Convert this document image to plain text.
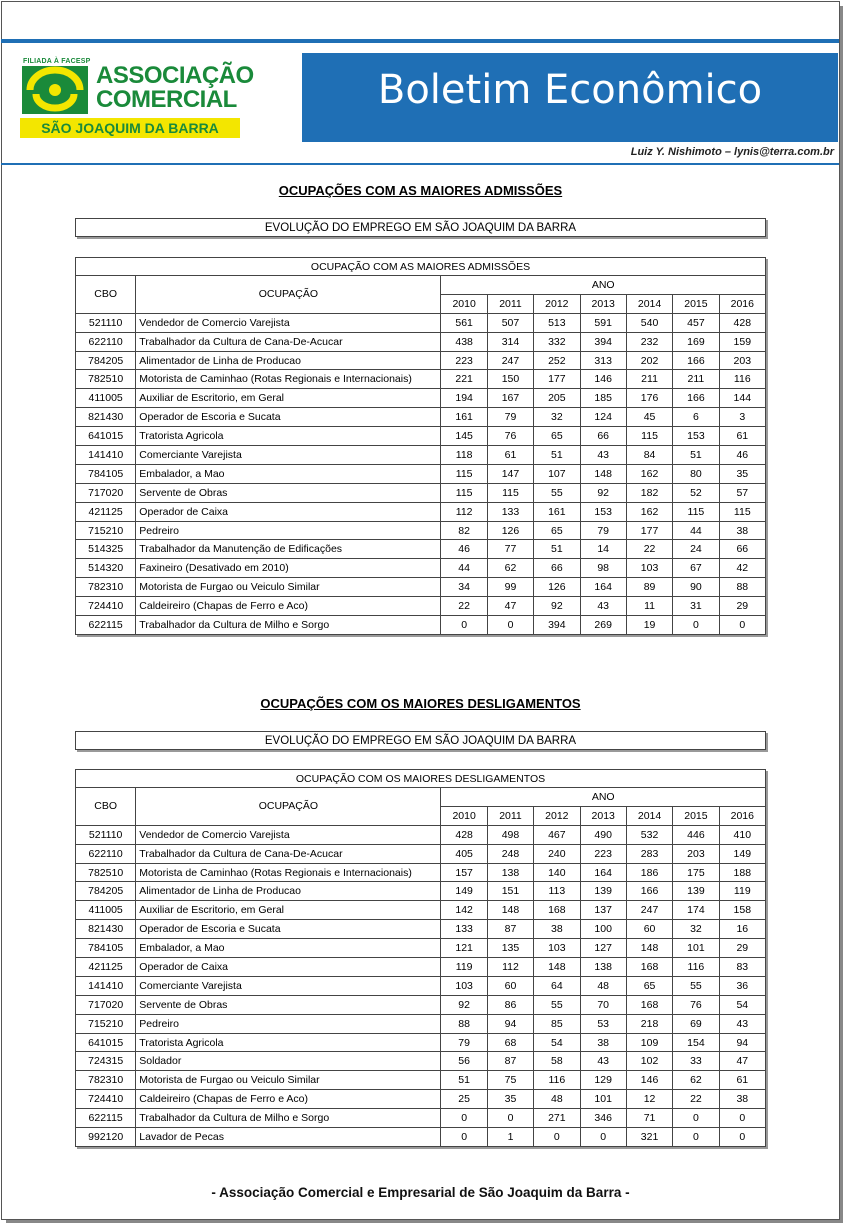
FILIADA À FACESP
ASSOCIAÇÃO
COMERCIAL
SÃO JOAQUIM DA BARRA
Boletim Econômico
Luiz Y. Nishimoto – lynis@terra.com.br
OCUPAÇÕES COM AS MAIORES ADMISSÕES
EVOLUÇÃO DO EMPREGO EM SÃO JOAQUIM DA BARRA
OCUPAÇÃO COM AS MAIORES ADMISSÕES								
CBO	OCUPAÇÃO	ANO						
		2010	2011	2012	2013	2014	2015	2016
521110	Vendedor de Comercio Varejista	561	507	513	591	540	457	428
622110	Trabalhador da Cultura de Cana-De-Acucar	438	314	332	394	232	169	159
784205	Alimentador de Linha de Producao	223	247	252	313	202	166	203
782510	Motorista de Caminhao (Rotas Regionais e Internacionais)	221	150	177	146	211	211	116
411005	Auxiliar de Escritorio, em Geral	194	167	205	185	176	166	144
821430	Operador de Escoria e Sucata	161	79	32	124	45	6	3
641015	Tratorista Agricola	145	76	65	66	115	153	61
141410	Comerciante Varejista	118	61	51	43	84	51	46
784105	Embalador, a Mao	115	147	107	148	162	80	35
717020	Servente de Obras	115	115	55	92	182	52	57
421125	Operador de Caixa	112	133	161	153	162	115	115
715210	Pedreiro	82	126	65	79	177	44	38
514325	Trabalhador da Manutenção de Edificações	46	77	51	14	22	24	66
514320	Faxineiro (Desativado em 2010)	44	62	66	98	103	67	42
782310	Motorista de Furgao ou Veiculo Similar	34	99	126	164	89	90	88
724410	Caldeireiro (Chapas de Ferro e Aco)	22	47	92	43	11	31	29
622115	Trabalhador da Cultura de Milho e Sorgo	0	0	394	269	19	0	0
OCUPAÇÕES COM OS MAIORES DESLIGAMENTOS
EVOLUÇÃO DO EMPREGO EM SÃO JOAQUIM DA BARRA
OCUPAÇÃO COM OS MAIORES DESLIGAMENTOS								
CBO	OCUPAÇÃO	ANO						
		2010	2011	2012	2013	2014	2015	2016
521110	Vendedor de Comercio Varejista	428	498	467	490	532	446	410
622110	Trabalhador da Cultura de Cana-De-Acucar	405	248	240	223	283	203	149
782510	Motorista de Caminhao (Rotas Regionais e Internacionais)	157	138	140	164	186	175	188
784205	Alimentador de Linha de Producao	149	151	113	139	166	139	119
411005	Auxiliar de Escritorio, em Geral	142	148	168	137	247	174	158
821430	Operador de Escoria e Sucata	133	87	38	100	60	32	16
784105	Embalador, a Mao	121	135	103	127	148	101	29
421125	Operador de Caixa	119	112	148	138	168	116	83
141410	Comerciante Varejista	103	60	64	48	65	55	36
717020	Servente de Obras	92	86	55	70	168	76	54
715210	Pedreiro	88	94	85	53	218	69	43
641015	Tratorista Agricola	79	68	54	38	109	154	94
724315	Soldador	56	87	58	43	102	33	47
782310	Motorista de Furgao ou Veiculo Similar	51	75	116	129	146	62	61
724410	Caldeireiro (Chapas de Ferro e Aco)	25	35	48	101	12	22	38
622115	Trabalhador da Cultura de Milho e Sorgo	0	0	271	346	71	0	0
992120	Lavador de Pecas	0	1	0	0	321	0	0
- Associação Comercial e Empresarial de São Joaquim da Barra -
